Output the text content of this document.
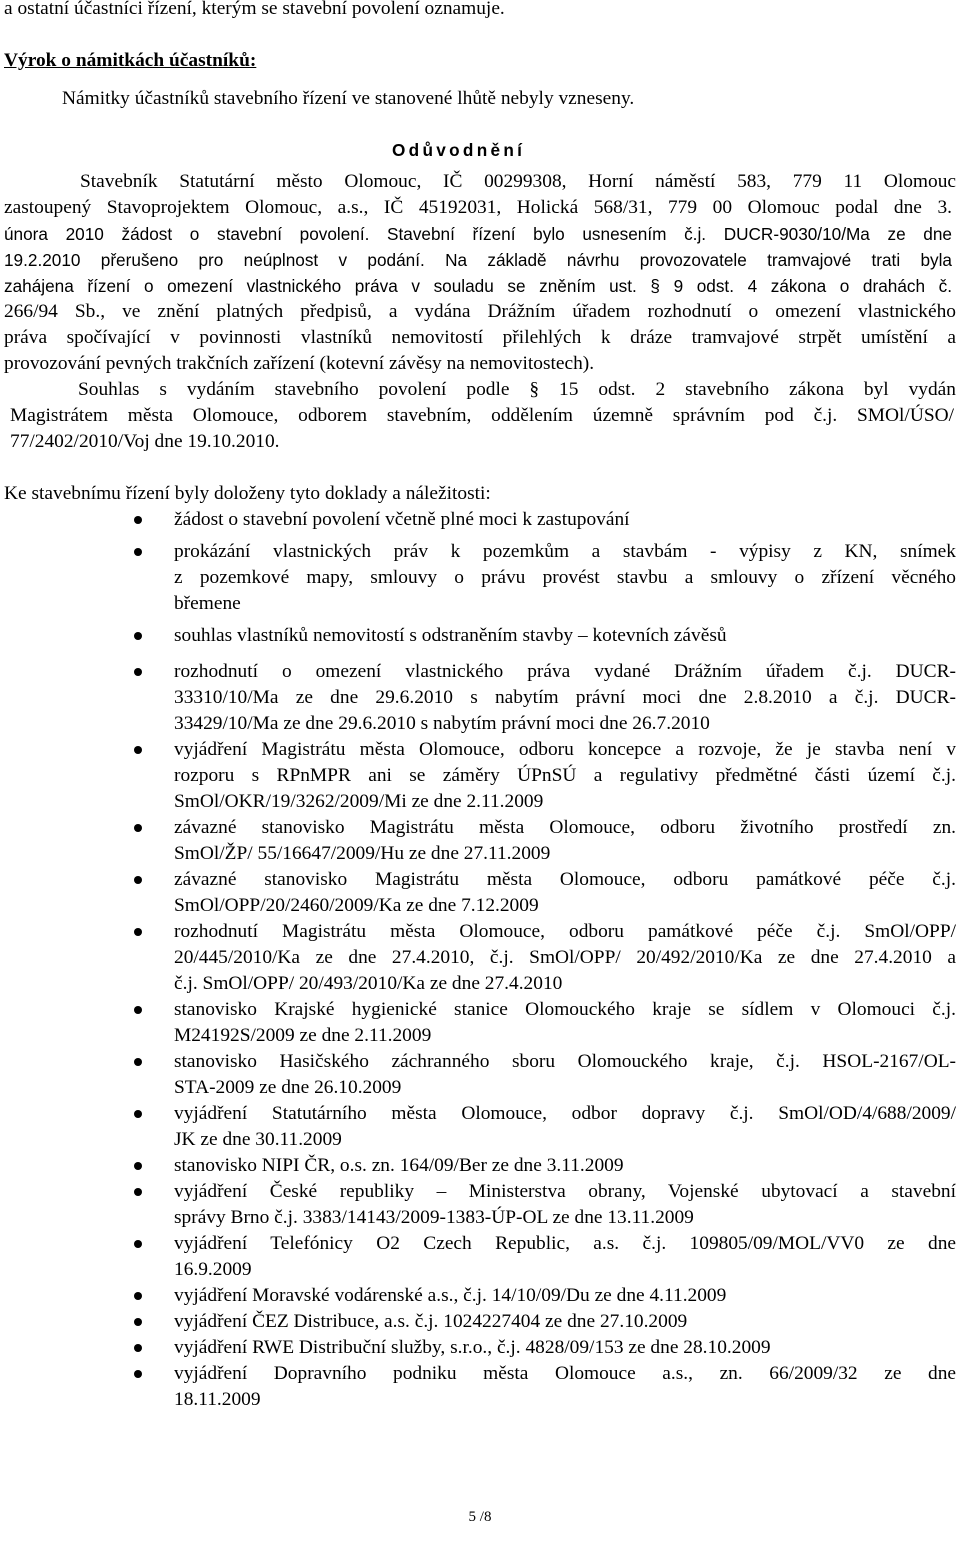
a ostatní účastníci řízení, kterým se stavební povolení oznamuje.
Výrok o námitkách účastníků:
Námitky účastníků stavebního řízení ve stanovené lhůtě nebyly vzneseny.
Odůvodnění
Stavebník Statutární město Olomouc, IČ 00299308, Horní náměstí 583, 779 11 Olomouc
zastoupený Stavoprojektem Olomouc, a.s., IČ 45192031, Holická 568/31, 779 00 Olomouc podal dne 3.
února 2010 žádost o stavební povolení. Stavební řízení bylo usnesením č.j. DUCR-9030/10/Ma ze dne
19.2.2010 přerušeno pro neúplnost v podání. Na základě návrhu provozovatele tramvajové trati byla
zahájena řízení o omezení vlastnického práva v souladu se zněním ust. § 9 odst. 4 zákona o drahách č.
266/94 Sb., ve znění platných předpisů, a vydána Drážním úřadem rozhodnutí o omezení vlastnického
práva spočívající v povinnosti vlastníků nemovitostí přilehlých k dráze tramvajové strpět umístění a
provozování pevných trakčních zařízení (kotevní závěsy na nemovitostech).
Souhlas s vydáním stavebního povolení podle § 15 odst. 2 stavebního zákona byl vydán
Magistrátem města Olomouce, odborem stavebním, oddělením územně správním pod č.j. SMOl/ÚSO/
77/2402/2010/Voj dne 19.10.2010.
Ke stavebnímu řízení byly doloženy tyto doklady a náležitosti:
žádost o stavební povolení včetně plné moci k zastupování
prokázání vlastnických práv k pozemkům a stavbám - výpisy z KN, snímek
z pozemkové mapy, smlouvy o právu provést stavbu a smlouvy o zřízení věcného
břemene
souhlas vlastníků nemovitostí s odstraněním stavby – kotevních závěsů
rozhodnutí o omezení vlastnického práva vydané Drážním úřadem č.j. DUCR-
33310/10/Ma ze dne 29.6.2010 s nabytím právní moci dne 2.8.2010 a č.j. DUCR-
33429/10/Ma ze dne 29.6.2010 s nabytím právní moci dne 26.7.2010
vyjádření Magistrátu města Olomouce, odboru koncepce a rozvoje, že je stavba není v
rozporu s RPnMPR ani se záměry ÚPnSÚ a regulativy předmětné části území č.j.
SmOl/OKR/19/3262/2009/Mi ze dne 2.11.2009
závazné stanovisko Magistrátu města Olomouce, odboru životního prostředí zn.
SmOl/ŽP/ 55/16647/2009/Hu ze dne 27.11.2009
závazné stanovisko Magistrátu města Olomouce, odboru památkové péče č.j.
SmOl/OPP/20/2460/2009/Ka ze dne 7.12.2009
rozhodnutí Magistrátu města Olomouce, odboru památkové péče č.j. SmOl/OPP/
20/445/2010/Ka ze dne 27.4.2010, č.j. SmOl/OPP/ 20/492/2010/Ka ze dne 27.4.2010 a
č.j. SmOl/OPP/ 20/493/2010/Ka ze dne 27.4.2010
stanovisko Krajské hygienické stanice Olomouckého kraje se sídlem v Olomouci č.j.
M24192S/2009 ze dne 2.11.2009
stanovisko Hasičského záchranného sboru Olomouckého kraje, č.j. HSOL-2167/OL-
STA-2009 ze dne 26.10.2009
vyjádření Statutárního města Olomouce, odbor dopravy č.j. SmOl/OD/4/688/2009/
JK ze dne 30.11.2009
stanovisko NIPI ČR, o.s. zn. 164/09/Ber ze dne 3.11.2009
vyjádření České republiky – Ministerstva obrany, Vojenské ubytovací a stavební
správy Brno č.j. 3383/14143/2009-1383-ÚP-OL ze dne 13.11.2009
vyjádření Telefónicy O2 Czech Republic, a.s. č.j. 109805/09/MOL/VV0 ze dne
16.9.2009
vyjádření Moravské vodárenské a.s., č.j. 14/10/09/Du ze dne 4.11.2009
vyjádření ČEZ Distribuce, a.s. č.j. 1024227404 ze dne 27.10.2009
vyjádření RWE Distribuční služby, s.r.o., č.j. 4828/09/153 ze dne 28.10.2009
vyjádření Dopravního podniku města Olomouce a.s., zn. 66/2009/32 ze dne
18.11.2009
5 /8
